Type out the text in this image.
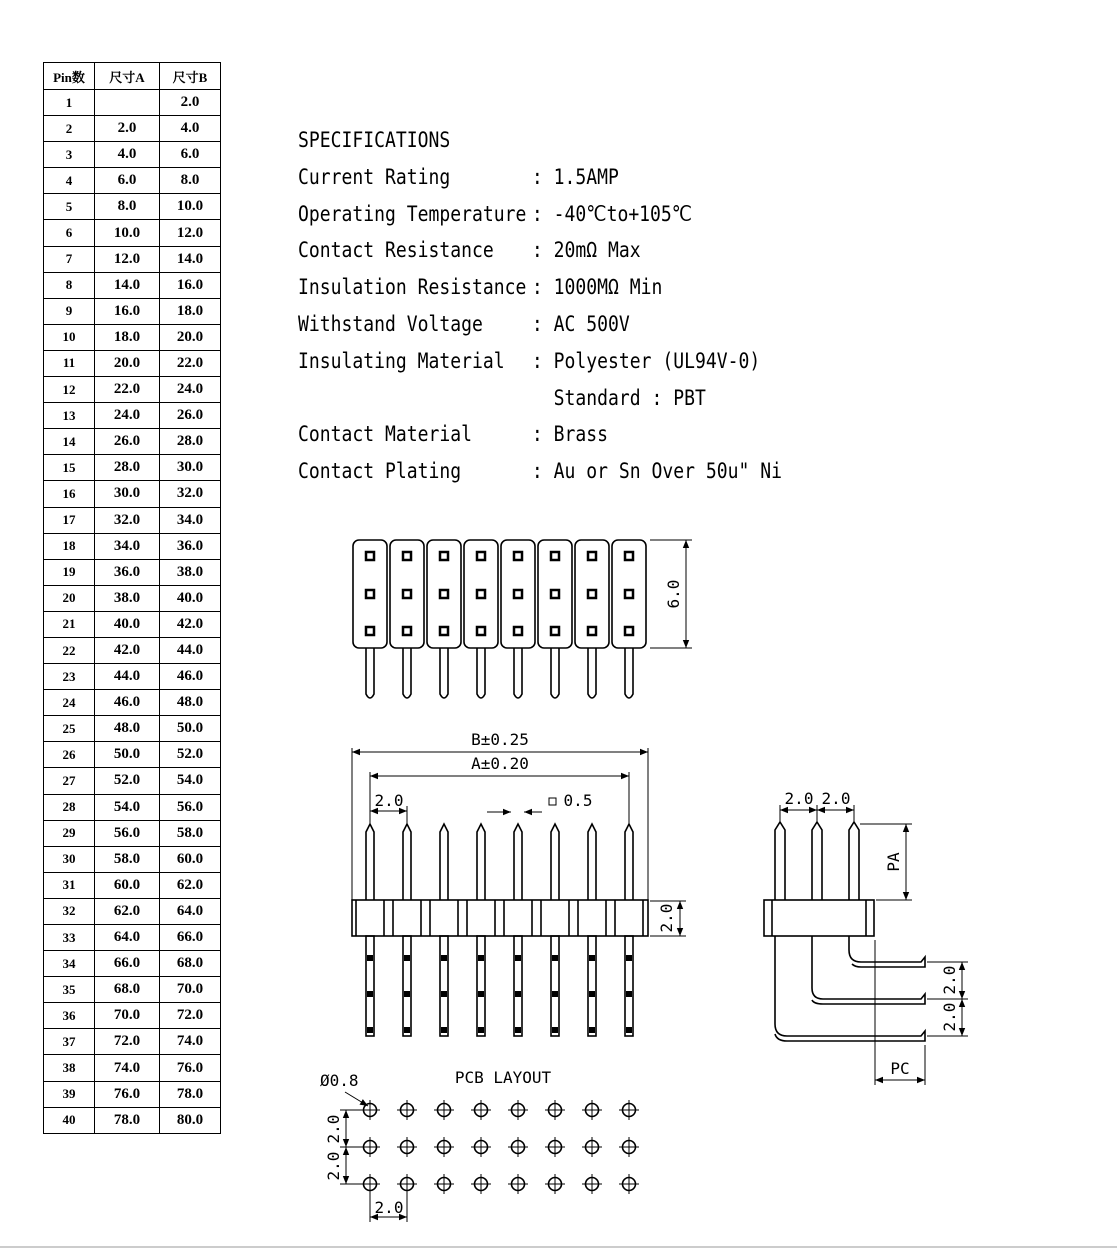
Pin数	尺寸A	尺寸B
1		2.0
2	2.0	4.0
3	4.0	6.0
4	6.0	8.0
5	8.0	10.0
6	10.0	12.0
7	12.0	14.0
8	14.0	16.0
9	16.0	18.0
10	18.0	20.0
11	20.0	22.0
12	22.0	24.0
13	24.0	26.0
14	26.0	28.0
15	28.0	30.0
16	30.0	32.0
17	32.0	34.0
18	34.0	36.0
19	36.0	38.0
20	38.0	40.0
21	40.0	42.0
22	42.0	44.0
23	44.0	46.0
24	46.0	48.0
25	48.0	50.0
26	50.0	52.0
27	52.0	54.0
28	54.0	56.0
29	56.0	58.0
30	58.0	60.0
31	60.0	62.0
32	62.0	64.0
33	64.0	66.0
34	66.0	68.0
35	68.0	70.0
36	70.0	72.0
37	72.0	74.0
38	74.0	76.0
39	76.0	78.0
40	78.0	80.0
SPECIFICATIONS
Current Rating	: 1.5AMP
Operating Temperature : -40℃to+105℃
Contact Resistance	: 20mΩ Max
Insulation Resistance : 1000MΩ Min
Withstand Voltage	: AC 500V
Insulating Material	: Polyester (UL94V-0)
Standard : PBT
Contact Material	: Brass
Contact Plating	: Au or Sn Over 50u" Ni
6.0
B±0.25
A±0.20
2.0	0.5
2.0
2.0 2.0
PA
2.0
2.0
PC
PCB LAYOUT
Ø0.8
2.0
2.0
2.0
